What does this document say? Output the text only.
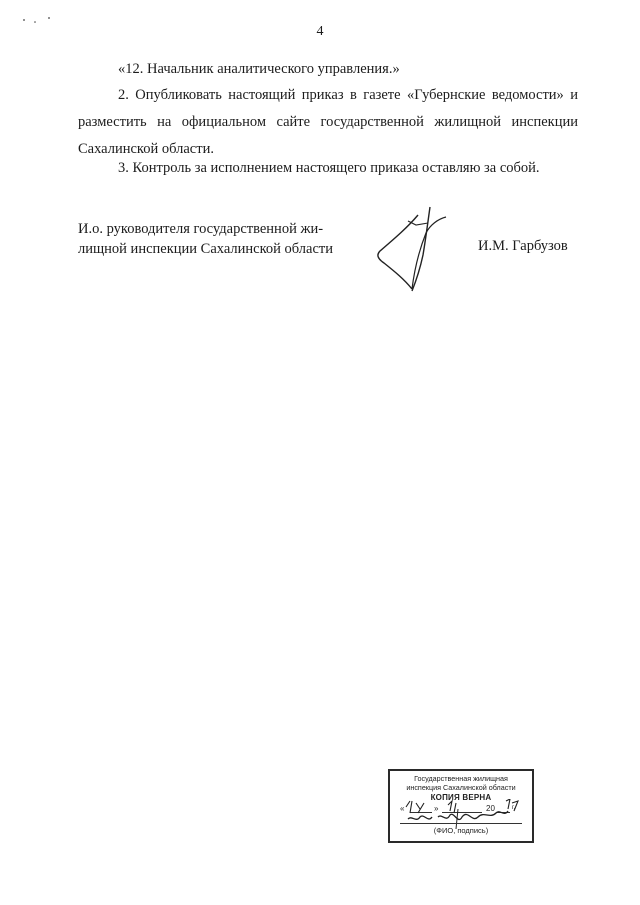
4
«12. Начальник аналитического управления.»
2. Опубликовать настоящий приказ в газете «Губернские ведомости» и разместить на официальном сайте государственной жилищной инспекции Сахалинской области.
3. Контроль за исполнением настоящего приказа оставляю за собой.
И.о. руководителя государственной жи-
лищной инспекции Сахалинской области	И.М. Гарбузов
Государственная жилищная
инспекция Сахалинской области
КОПИЯ ВЕРНА
«	»	20	г.
(ФИО, подпись)
